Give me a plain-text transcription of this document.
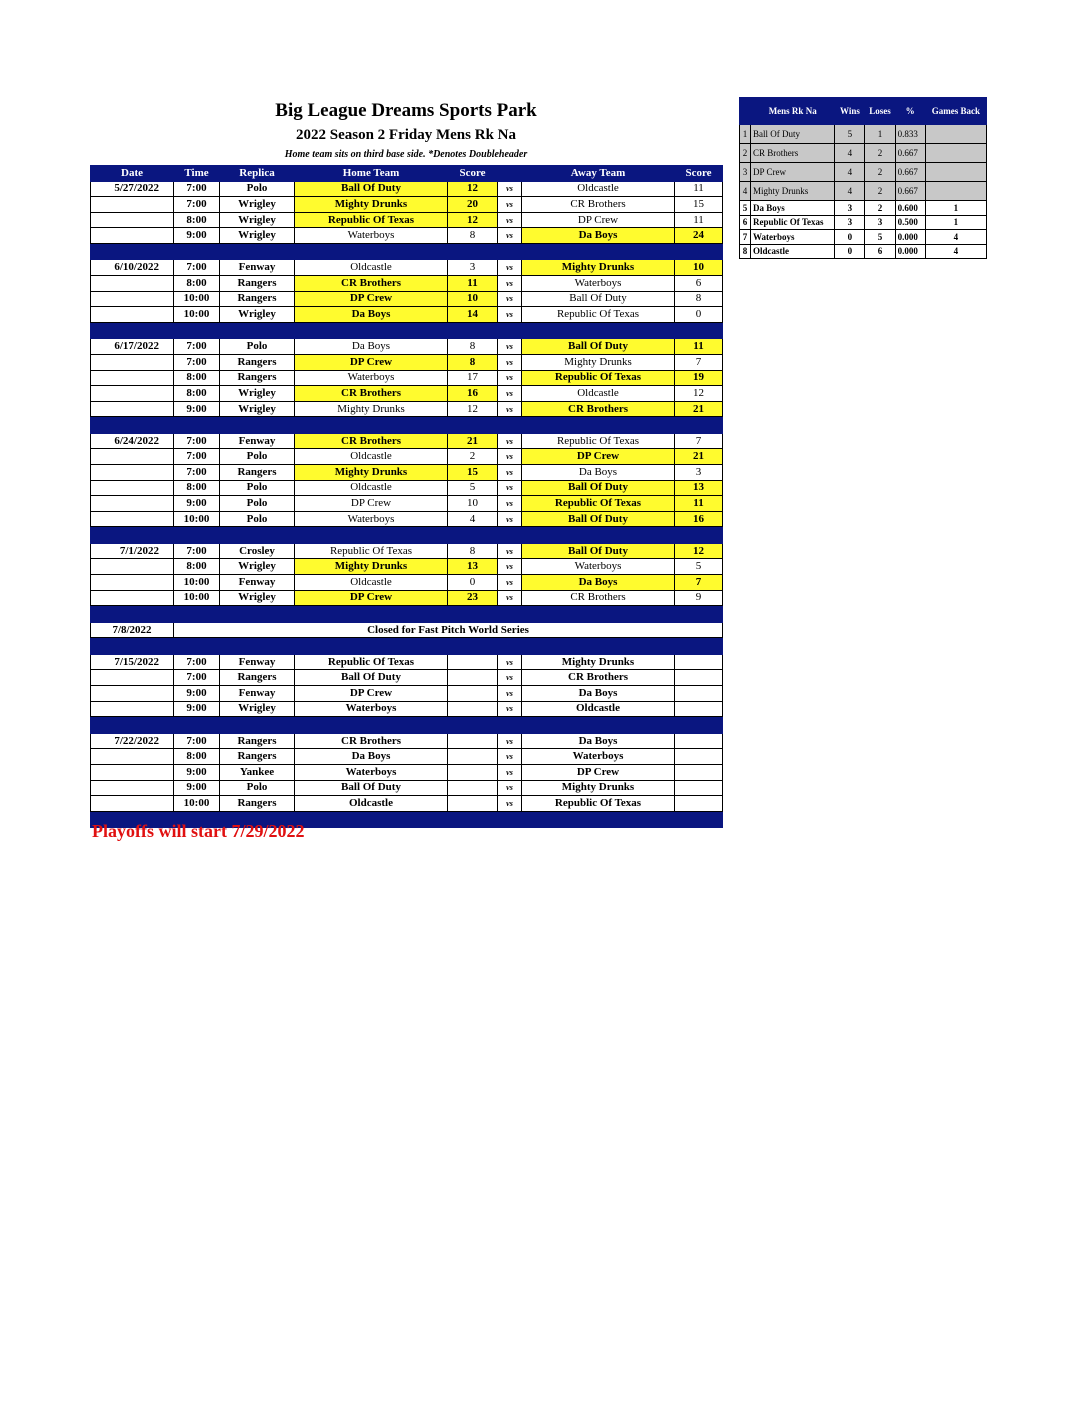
Big League Dreams Sports Park
2022 Season 2 Friday Mens Rk Na
Home team sits on third base side. *Denotes Doubleheader
Date	Time	Replica	Home Team	Score		Away Team	Score
5/27/2022	7:00	Polo	Ball Of Duty	12	vs	Oldcastle	11
	7:00	Wrigley	Mighty Drunks	20	vs	CR Brothers	15
	8:00	Wrigley	Republic Of Texas	12	vs	DP Crew	11
	9:00	Wrigley	Waterboys	8	vs	Da Boys	24

6/10/2022	7:00	Fenway	Oldcastle	3	vs	Mighty Drunks	10
	8:00	Rangers	CR Brothers	11	vs	Waterboys	6
	10:00	Rangers	DP Crew	10	vs	Ball Of Duty	8
	10:00	Wrigley	Da Boys	14	vs	Republic Of Texas	0

6/17/2022	7:00	Polo	Da Boys	8	vs	Ball Of Duty	11
	7:00	Rangers	DP Crew	8	vs	Mighty Drunks	7
	8:00	Rangers	Waterboys	17	vs	Republic Of Texas	19
	8:00	Wrigley	CR Brothers	16	vs	Oldcastle	12
	9:00	Wrigley	Mighty Drunks	12	vs	CR Brothers	21

6/24/2022	7:00	Fenway	CR Brothers	21	vs	Republic Of Texas	7
	7:00	Polo	Oldcastle	2	vs	DP Crew	21
	7:00	Rangers	Mighty Drunks	15	vs	Da Boys	3
	8:00	Polo	Oldcastle	5	vs	Ball Of Duty	13
	9:00	Polo	DP Crew	10	vs	Republic Of Texas	11
	10:00	Polo	Waterboys	4	vs	Ball Of Duty	16

7/1/2022	7:00	Crosley	Republic Of Texas	8	vs	Ball Of Duty	12
	8:00	Wrigley	Mighty Drunks	13	vs	Waterboys	5
	10:00	Fenway	Oldcastle	0	vs	Da Boys	7
	10:00	Wrigley	DP Crew	23	vs	CR Brothers	9

7/8/2022	Closed for Fast Pitch World Series						

7/15/2022	7:00	Fenway	Republic Of Texas		vs	Mighty Drunks	
	7:00	Rangers	Ball Of Duty		vs	CR Brothers	
	9:00	Fenway	DP Crew		vs	Da Boys	
	9:00	Wrigley	Waterboys		vs	Oldcastle	

7/22/2022	7:00	Rangers	CR Brothers		vs	Da Boys	
	8:00	Rangers	Da Boys		vs	Waterboys	
	9:00	Yankee	Waterboys		vs	DP Crew	
	9:00	Polo	Ball Of Duty		vs	Mighty Drunks	
	10:00	Rangers	Oldcastle		vs	Republic Of Texas	

Playoffs will start 7/29/2022
	Mens Rk Na	Wins	Loses	%	Games Back
1	Ball Of Duty	5	1	0.833	
2	CR Brothers	4	2	0.667	
3	DP Crew	4	2	0.667	
4	Mighty Drunks	4	2	0.667	
5	Da Boys	3	2	0.600	1
6	Republic Of Texas	3	3	0.500	1
7	Waterboys	0	5	0.000	4
8	Oldcastle	0	6	0.000	4
